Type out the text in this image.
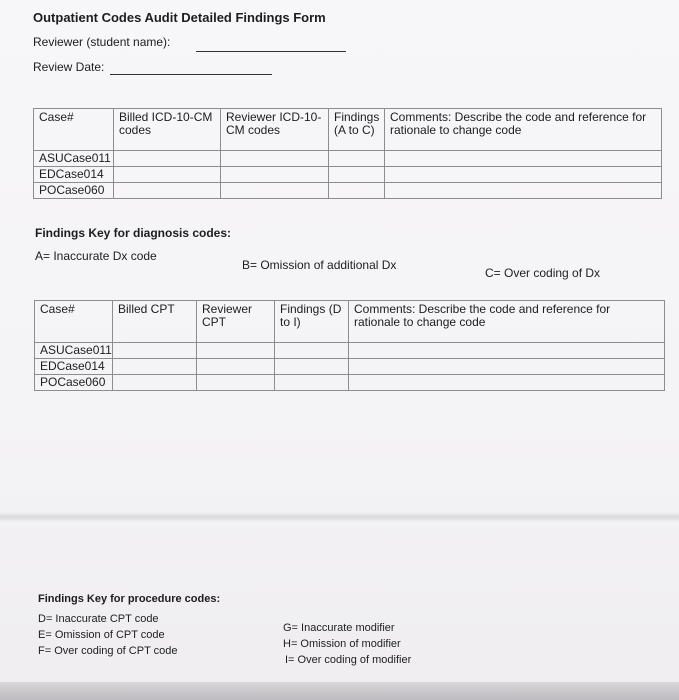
Outpatient Codes Audit Detailed Findings Form
Reviewer (student name):
Review Date:
Case#	Billed ICD-10-CM codes	Reviewer ICD-10-CM codes	Findings (A to C)	Comments: Describe the code and reference for rationale to change code
ASUCase011				
EDCase014				
POCase060				
Findings Key for diagnosis codes:
A= Inaccurate Dx code
B= Omission of additional Dx
C= Over coding of Dx
Case#	Billed CPT	Reviewer CPT	Findings (D to I)	Comments: Describe the code and reference for rationale to change code
ASUCase011				
EDCase014				
POCase060				
Findings Key for procedure codes:
D= Inaccurate CPT code
E= Omission of CPT code
F= Over coding of CPT code
G= Inaccurate modifier
H= Omission of modifier
I= Over coding of modifier
